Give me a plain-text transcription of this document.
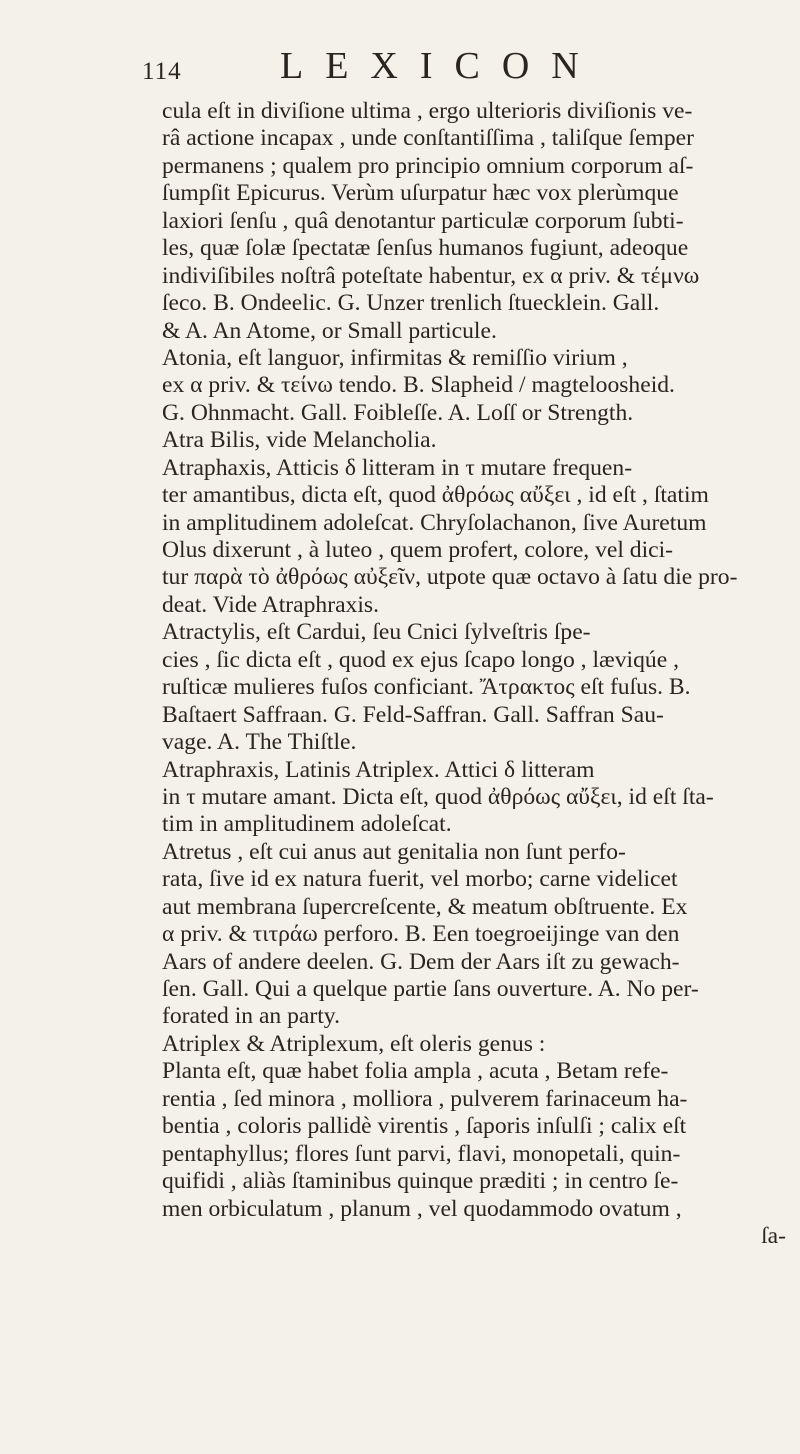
114	LEXICON
cula eſt in diviſione ultima , ergo ulterioris diviſionis ve-
râ actione incapax , unde conſtantiſſima , taliſque ſemper
permanens ; qualem pro principio omnium corporum aſ-
ſumpſit Epicurus. Verùm uſurpatur hæc vox plerùmque
laxiori ſenſu , quâ denotantur particulæ corporum ſubti-
les, quæ ſolæ ſpectatæ ſenſus humanos fugiunt, adeoque
indiviſibiles noſtrâ poteſtate habentur, ex α priv. & τέμνω
ſeco. B. Ondeelic. G. Unzer trenlich ſtuecklein. Gall.
& A. An Atome, or Small particule.
Atonia, eſt languor, infirmitas & remiſſio virium ,
ex α priv. & τείνω tendo. B. Slapheid / magteloosheid.
G. Ohnmacht. Gall. Foibleſſe. A. Loſſ or Strength.
Atra Bilis, vide Melancholia.
Atraphaxis, Atticis δ litteram in τ mutare frequen-
ter amantibus, dicta eſt, quod ἀθρόως αὔξει , id eſt , ſtatim
in amplitudinem adoleſcat. Chryſolachanon, ſive Auretum
Olus dixerunt , à luteo , quem profert, colore, vel dici-
tur παρὰ τὸ ἀθρόως αὐξεῖν, utpote quæ octavo à ſatu die pro-
deat. Vide Atraphraxis.
Atractylis, eſt Cardui, ſeu Cnici ſylveſtris ſpe-
cies , ſic dicta eſt , quod ex ejus ſcapo longo , læviqúe ,
ruſticæ mulieres fuſos conficiant. Ἄτρακτος eſt fuſus. B.
Baſtaert Saffraan. G. Feld-Saffran. Gall. Saffran Sau-
vage. A. The Thiſtle.
Atraphraxis, Latinis Atriplex. Attici δ litteram
in τ mutare amant. Dicta eſt, quod ἀθρόως αὔξει, id eſt ſta-
tim in amplitudinem adoleſcat.
Atretus , eſt cui anus aut genitalia non ſunt perfo-
rata, ſive id ex natura fuerit, vel morbo; carne videlicet
aut membrana ſupercreſcente, & meatum obſtruente. Ex
α priv. & τιτράω perforo. B. Een toegroeijinge van den
Aars of andere deelen. G. Dem der Aars iſt zu gewach-
ſen. Gall. Qui a quelque partie ſans ouverture. A. No per-
forated in an party.
Atriplex & Atriplexum, eſt oleris genus :
Planta eſt, quæ habet folia ampla , acuta , Betam refe-
rentia , ſed minora , molliora , pulverem farinaceum ha-
bentia , coloris pallidè virentis , ſaporis inſulſi ; calix eſt
pentaphyllus; flores ſunt parvi, flavi, monopetali, quin-
quifidi , aliàs ſtaminibus quinque præditi ; in centro ſe-
men orbiculatum , planum , vel quodammodo ovatum ,
ſa-
